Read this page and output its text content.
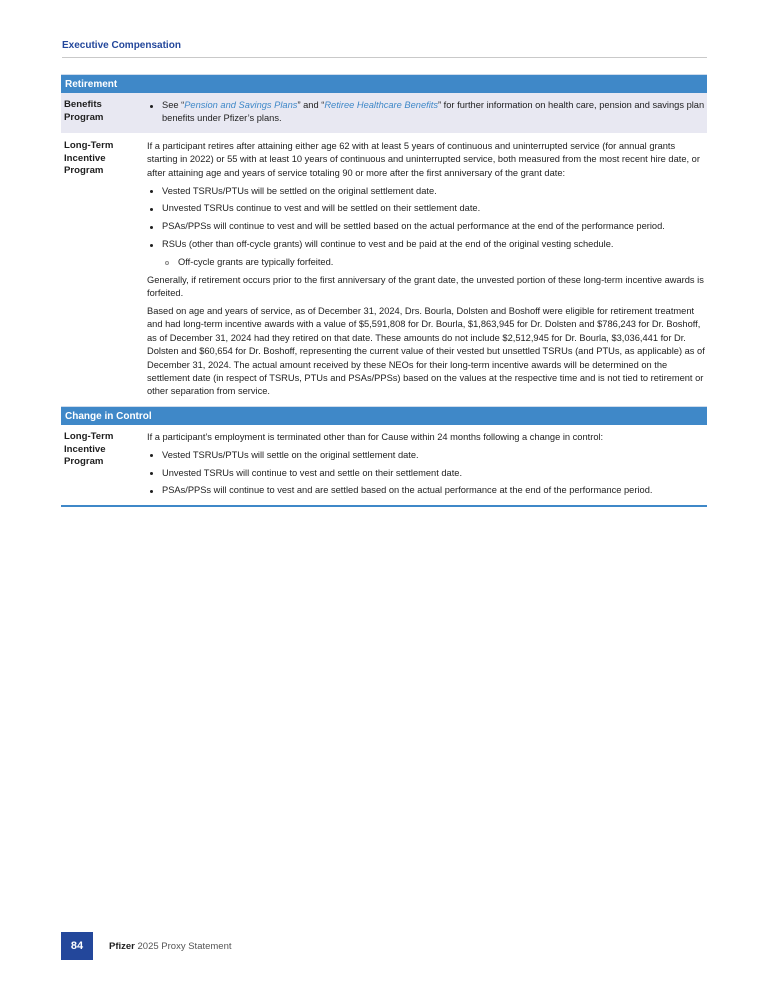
Executive Compensation
Retirement
Benefits
Program
See “Pension and Savings Plans” and “Retiree Healthcare Benefits” for further information on health care, pension and savings plan benefits under Pfizer’s plans.
Long-Term
Incentive
Program

If a participant retires after attaining either age 62 with at least 5 years of continuous and uninterrupted service (for annual grants starting in 2022) or 55 with at least 10 years of continuous and uninterrupted service, both measured from the most recent hire date, or after attaining age and years of service totaling 90 or more after the first anniversary of the grant date:

Vested TSRUs/PTUs will be settled on the original settlement date.
Unvested TSRUs continue to vest and will be settled on their settlement date.
PSAs/PPSs will continue to vest and will be settled based on the actual performance at the end of the performance period.
RSUs (other than off-cycle grants) will continue to vest and be paid at the end of the original vesting schedule.
Off-cycle grants are typically forfeited.

Generally, if retirement occurs prior to the first anniversary of the grant date, the unvested portion of these long-term incentive awards is forfeited.

Based on age and years of service, as of December 31, 2024, Drs. Bourla, Dolsten and Boshoff were eligible for retirement treatment and had long-term incentive awards with a value of $5,591,808 for Dr. Bourla, $1,863,945 for Dr. Dolsten and $786,243 for Dr. Boshoff, as of December 31, 2024 had they retired on that date. These amounts do not include $2,512,945 for Dr. Bourla, $3,036,441 for Dr. Dolsten and $60,654 for Dr. Boshoff, representing the current value of their vested but unsettled TSRUs (and PTUs, as applicable) as of December 31, 2024. The actual amount received by these NEOs for their long-term incentive awards will be determined on the settlement date (in respect of TSRUs, PTUs and PSAs/PPSs) based on the values at the respective time and is not tied to retirement or other separation from service.

Change in Control
Long-Term
Incentive
Program

If a participant’s employment is terminated other than for Cause within 24 months following a change in control:

Vested TSRUs/PTUs will settle on the original settlement date.
Unvested TSRUs will continue to vest and settle on their settlement date.
PSAs/PPSs will continue to vest and are settled based on the actual performance at the end of the performance period.
84	Pfizer 2025 Proxy Statement
